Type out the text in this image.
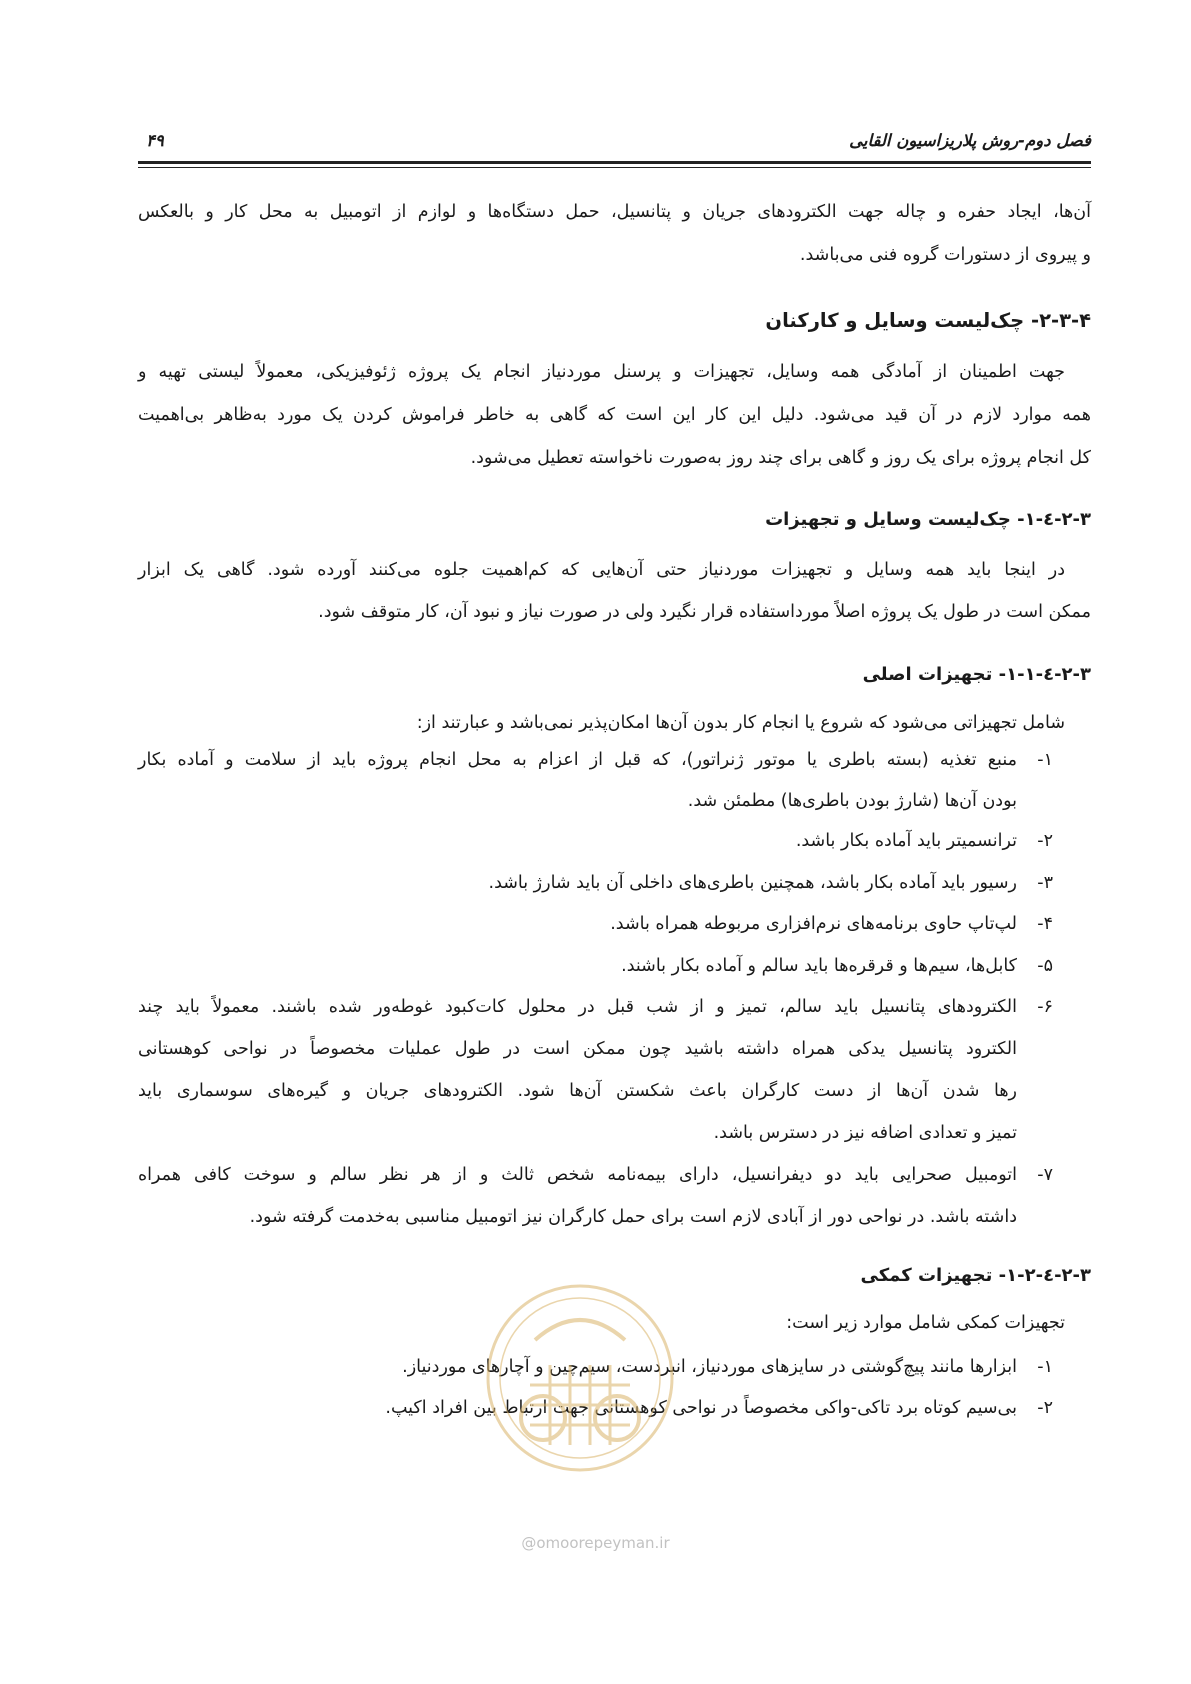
فصل دوم-روش پلاریزاسیون القایی
۴۹
آن‌ها، ایجاد حفره و چاله جهت الکترودهای جریان و پتانسیل، حمل دستگاه‌ها و لوازم از اتومبیل به محل کار و بالعکس
و پیروی از دستورات گروه فنی می‌باشد.
۲-۳-۴- چک‌لیست وسایل و کارکنان
جهت اطمینان از آمادگی همه وسایل، تجهیزات و پرسنل موردنیاز انجام یک پروژه ژئوفیزیکی، معمولاً لیستی تهیه و
همه موارد لازم در آن قید می‌شود. دلیل این کار این است که گاهی به خاطر فراموش کردن یک مورد به‌ظاهر بی‌اهمیت
کل انجام پروژه برای یک روز و گاهی برای چند روز به‌صورت ناخواسته تعطیل می‌شود.
۲-۳-٤-۱- چک‌لیست وسایل و تجهیزات
در اینجا باید همه وسایل و تجهیزات موردنیاز حتی آن‌هایی که کم‌اهمیت جلوه می‌کنند آورده شود. گاهی یک ابزار
ممکن است در طول یک پروژه اصلاً مورداستفاده قرار نگیرد ولی در صورت نیاز و نبود آن، کار متوقف شود.
۲-۳-٤-۱-۱- تجهیزات اصلی
شامل تجهیزاتی می‌شود که شروع یا انجام کار بدون آن‌ها امکان‌پذیر نمی‌باشد و عبارتند از:
۱-
منبع تغذیه (بسته باطری یا موتور ژنراتور)، که قبل از اعزام به محل انجام پروژه باید از سلامت و آماده بکار
بودن آن‌ها (شارژ بودن باطری‌ها) مطمئن شد.
۲-
ترانسمیتر باید آماده بکار باشد.
۳-
رسیور باید آماده بکار باشد، همچنین باطری‌های داخلی آن باید شارژ باشد.
۴-
لپ‌تاپ حاوی برنامه‌های نرم‌افزاری مربوطه همراه باشد.
۵-
کابل‌ها، سیم‌ها و قرقره‌ها باید سالم و آماده بکار باشند.
۶-
الکترودهای پتانسیل باید سالم، تمیز و از شب قبل در محلول کات‌کبود غوطه‌ور شده باشند. معمولاً باید چند
الکترود پتانسیل یدکی همراه داشته باشید چون ممکن است در طول عملیات مخصوصاً در نواحی کوهستانی
رها شدن آن‌ها از دست کارگران باعث شکستن آن‌ها شود. الکترودهای جریان و گیره‌های سوسماری باید
تمیز و تعدادی اضافه نیز در دسترس باشد.
۷-
اتومبیل صحرایی باید دو دیفرانسیل، دارای بیمه‌نامه شخص ثالث و از هر نظر سالم و سوخت کافی همراه
داشته باشد. در نواحی دور از آبادی لازم است برای حمل کارگران نیز اتومبیل مناسبی به‌خدمت گرفته شود.
۲-۳-٤-۱-۲- تجهیزات کمکی
تجهیزات کمکی شامل موارد زیر است:
۱-
ابزارها مانند پیچ‌گوشتی در سایزهای موردنیاز، انبردست، سیم‌چین و آچارهای موردنیاز.
۲-
بی‌سیم کوتاه برد تاکی-واکی مخصوصاً در نواحی کوهستانی جهت ارتباط بین افراد اکیپ.
@omoorepeyman.ir
